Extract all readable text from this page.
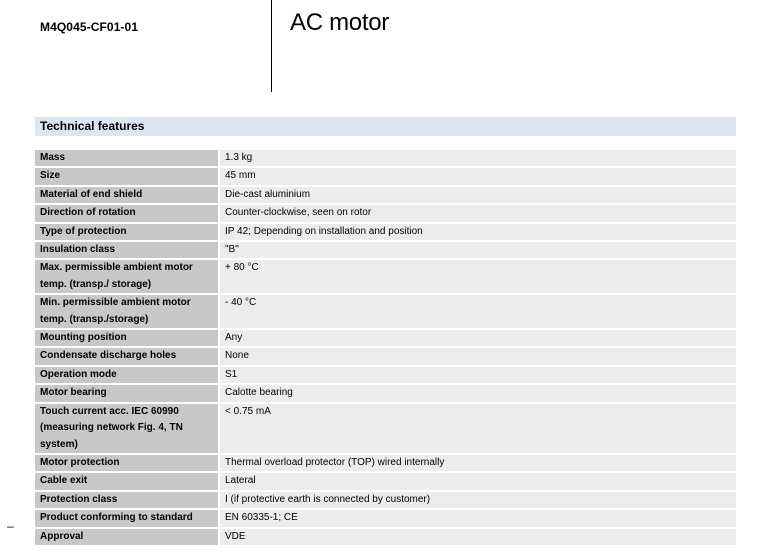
M4Q045-CF01-01	AC motor
Technical features
Mass	1.3 kg
Size	45 mm
Material of end shield	Die-cast aluminium
Direction of rotation	Counter-clockwise, seen on rotor
Type of protection	IP 42; Depending on installation and position
Insulation class	"B"
Max. permissible ambient motor temp. (transp./ storage)	+ 80 °C
Min. permissible ambient motor temp. (transp./storage)	- 40 °C
Mounting position	Any
Condensate discharge holes	None
Operation mode	S1
Motor bearing	Calotte bearing
Touch current acc. IEC 60990 (measuring network Fig. 4, TN system)	< 0.75 mA
Motor protection	Thermal overload protector (TOP) wired internally
Cable exit	Lateral
Protection class	I (if protective earth is connected by customer)
Product conforming to standard	EN 60335-1; CE
Approval	VDE
–
